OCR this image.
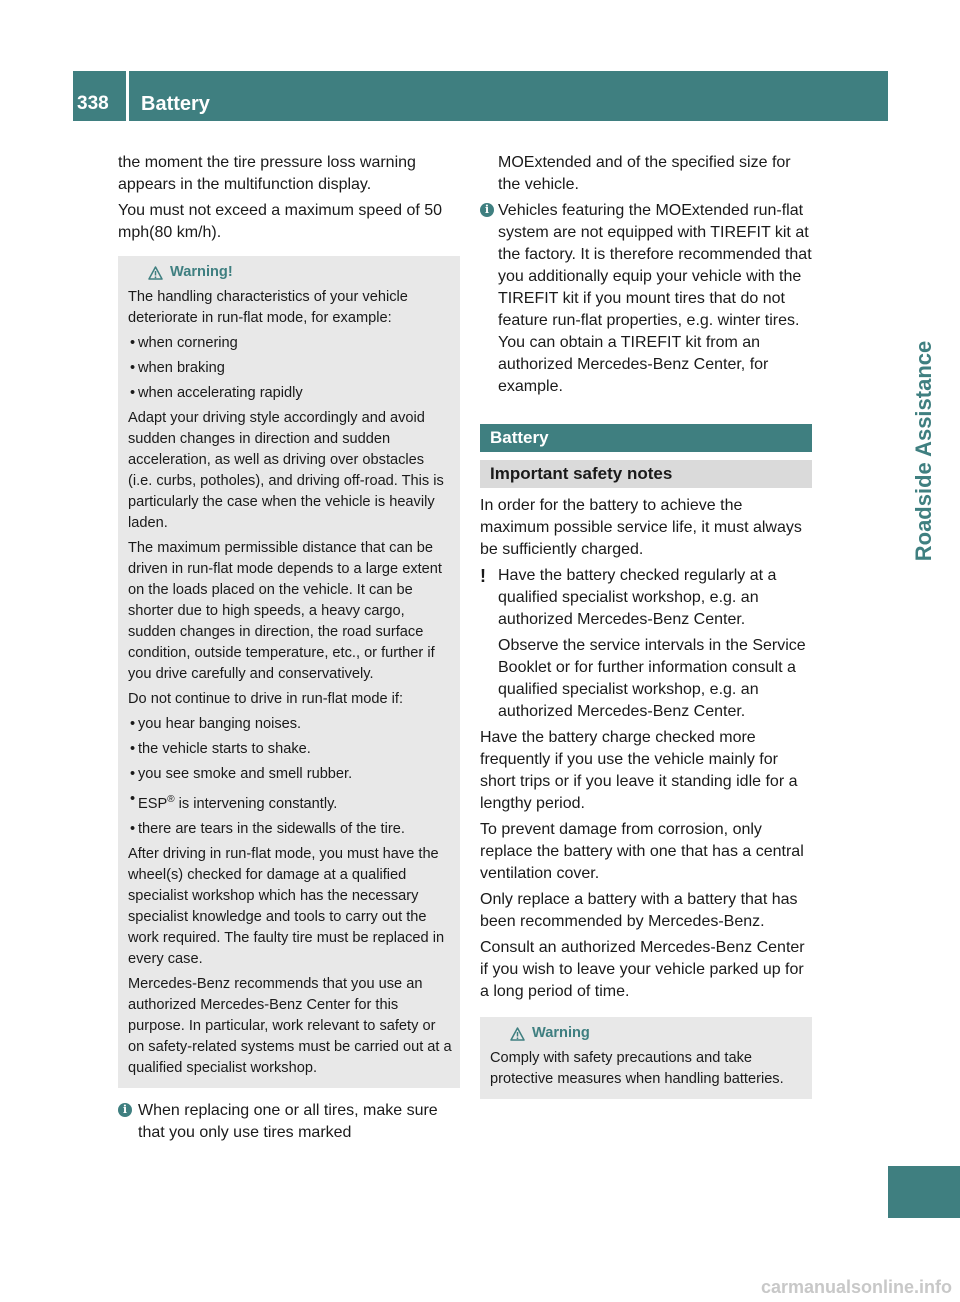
338	Battery
Roadside Assistance
the moment the tire pressure loss warning appears in the multifunction display.
You must not exceed a maximum speed of 50 mph(80 km/h).
Warning!
The handling characteristics of your vehicle deteriorate in run-flat mode, for example:
• when cornering
• when braking
• when accelerating rapidly
Adapt your driving style accordingly and avoid sudden changes in direction and sudden acceleration, as well as driving over obstacles (i.e. curbs, potholes), and driving off-road. This is particularly the case when the vehicle is heavily laden.
The maximum permissible distance that can be driven in run-flat mode depends to a large extent on the loads placed on the vehicle. It can be shorter due to high speeds, a heavy cargo, sudden changes in direction, the road surface condition, outside temperature, etc., or further if you drive carefully and conservatively.
Do not continue to drive in run-flat mode if:
• you hear banging noises.
• the vehicle starts to shake.
• you see smoke and smell rubber.
• ESP® is intervening constantly.
• there are tears in the sidewalls of the tire.
After driving in run-flat mode, you must have the wheel(s) checked for damage at a qualified specialist workshop which has the necessary specialist knowledge and tools to carry out the work required. The faulty tire must be replaced in every case.
Mercedes-Benz recommends that you use an authorized Mercedes-Benz Center for this purpose. In particular, work relevant to safety or on safety-related systems must be carried out at a qualified specialist workshop.
i When replacing one or all tires, make sure that you only use tires marked
MOExtended and of the specified size for the vehicle.
i Vehicles featuring the MOExtended run-flat system are not equipped with TIREFIT kit at the factory. It is therefore recommended that you additionally equip your vehicle with the TIREFIT kit if you mount tires that do not feature run-flat properties, e.g. winter tires. You can obtain a TIREFIT kit from an authorized Mercedes-Benz Center, for example.
Battery
Important safety notes
In order for the battery to achieve the maximum possible service life, it must always be sufficiently charged.
! Have the battery checked regularly at a qualified specialist workshop, e.g. an authorized Mercedes-Benz Center.
Observe the service intervals in the Service Booklet or for further information consult a qualified specialist workshop, e.g. an authorized Mercedes-Benz Center.
Have the battery charge checked more frequently if you use the vehicle mainly for short trips or if you leave it standing idle for a lengthy period.
To prevent damage from corrosion, only replace the battery with one that has a central ventilation cover.
Only replace a battery with a battery that has been recommended by Mercedes-Benz.
Consult an authorized Mercedes-Benz Center if you wish to leave your vehicle parked up for a long period of time.
Warning
Comply with safety precautions and take protective measures when handling batteries.
carmanualsonline.info
